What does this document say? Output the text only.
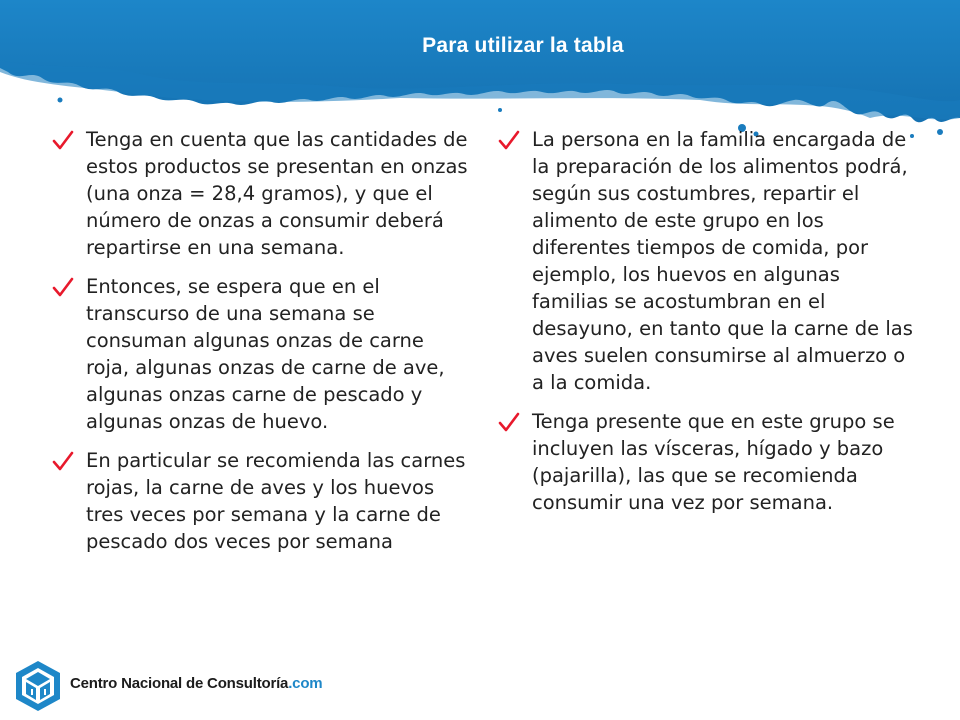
Para utilizar la tabla
Tenga en cuenta que las cantidades de estos productos se presentan en onzas (una onza = 28,4 gramos), y que el número de onzas a consumir deberá repartirse en una semana.
Entonces, se espera que en el transcurso de una semana se consuman algunas onzas de carne roja, algunas onzas de carne de ave, algunas onzas carne de pescado y algunas onzas de huevo.
En particular se recomienda las carnes rojas, la carne de aves y los huevos tres veces por semana y la carne de pescado dos veces por semana
La persona en la familia encargada de la preparación de los alimentos podrá, según sus costumbres, repartir el alimento de este grupo en los diferentes tiempos de comida, por ejemplo, los huevos en algunas familias se acostumbran en el desayuno, en tanto que la carne de las aves suelen consumirse al almuerzo o a la comida.
Tenga presente que en este grupo se incluyen las vísceras, hígado y bazo (pajarilla), las que se recomienda consumir una vez por semana.
Centro Nacional de Consultoría.com
